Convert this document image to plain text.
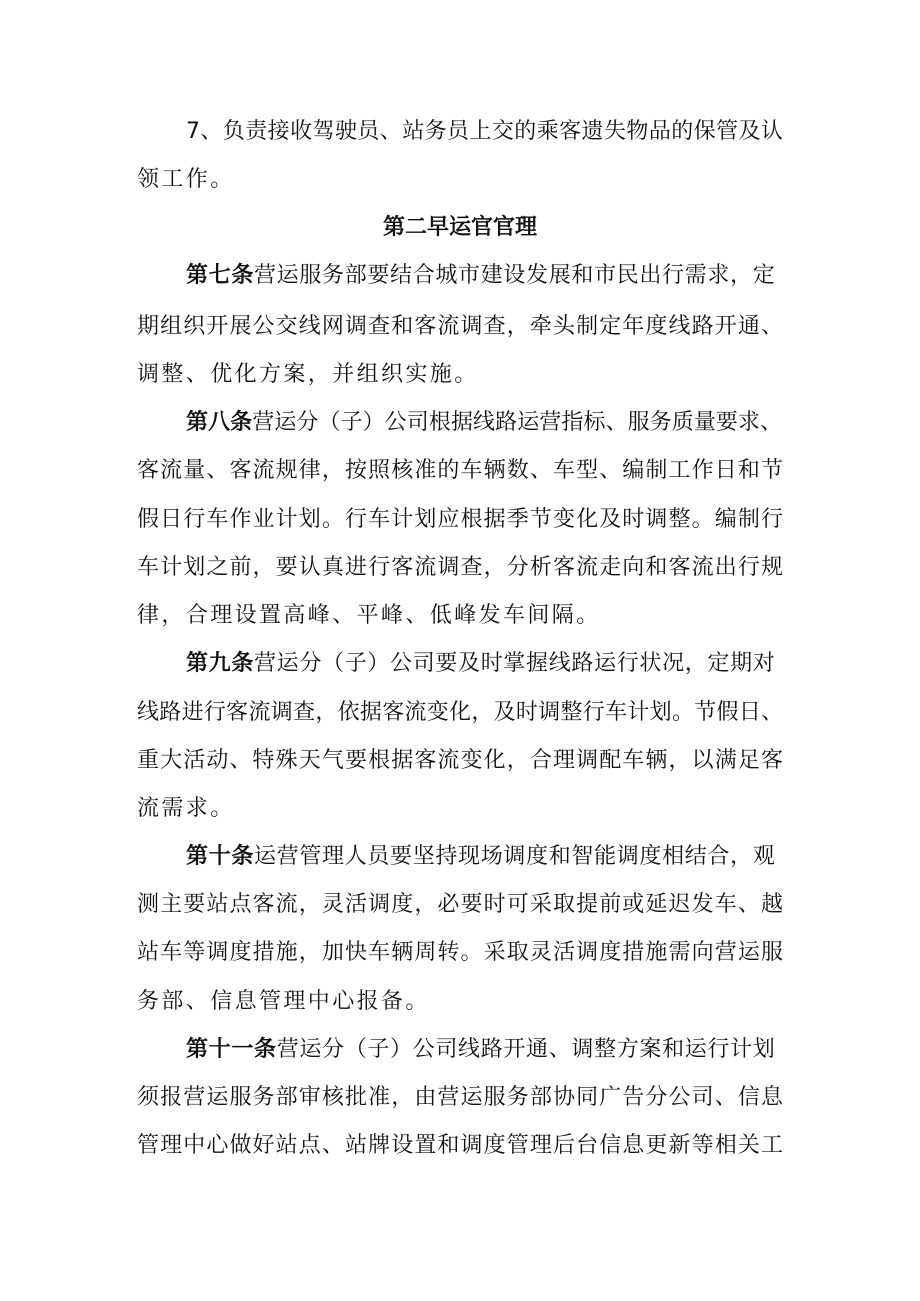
7、负责接收驾驶员、站务员上交的乘客遗失物品的保管及认
领工作。
第二早运官官理
第七条营运服务部要结合城市建设发展和市民出行需求，定
期组织开展公交线网调查和客流调查，牵头制定年度线路开通、
调整、优化方案，并组织实施。
第八条营运分（子）公司根据线路运营指标、服务质量要求、
客流量、客流规律，按照核准的车辆数、车型、编制工作日和节
假日行车作业计划。行车计划应根据季节变化及时调整。编制行
车计划之前，要认真进行客流调查，分析客流走向和客流出行规
律，合理设置高峰、平峰、低峰发车间隔。
第九条营运分（子）公司要及时掌握线路运行状况，定期对
线路进行客流调查，依据客流变化，及时调整行车计划。节假日、
重大活动、特殊天气要根据客流变化，合理调配车辆，以满足客
流需求。
第十条运营管理人员要坚持现场调度和智能调度相结合，观
测主要站点客流，灵活调度，必要时可采取提前或延迟发车、越
站车等调度措施，加快车辆周转。采取灵活调度措施需向营运服
务部、信息管理中心报备。
第十一条营运分（子）公司线路开通、调整方案和运行计划
须报营运服务部审核批准，由营运服务部协同广告分公司、信息
管理中心做好站点、站牌设置和调度管理后台信息更新等相关工
